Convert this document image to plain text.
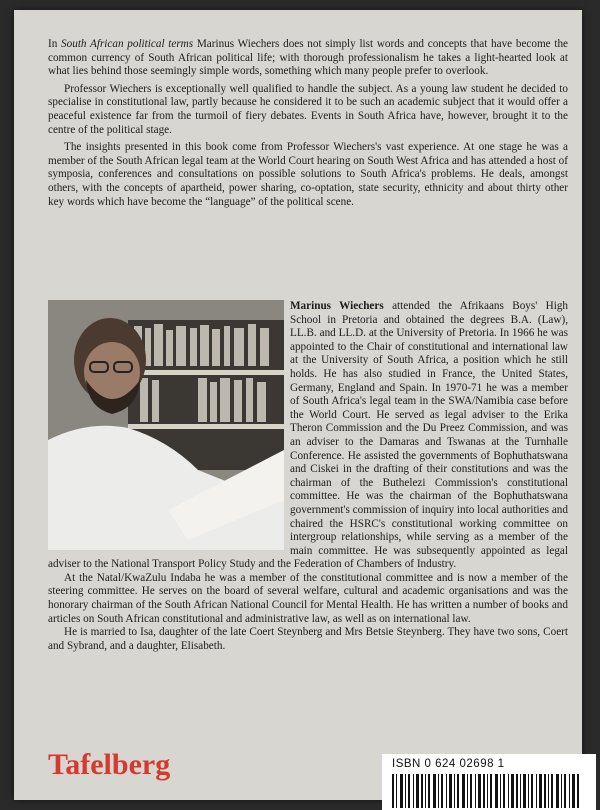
In South African political terms Marinus Wiechers does not simply list words and concepts that have become the common currency of South African political life; with thorough professionalism he takes a light-hearted look at what lies behind those seemingly simple words, something which many people prefer to overlook.

Professor Wiechers is exceptionally well qualified to handle the subject. As a young law student he decided to specialise in constitutional law, partly because he considered it to be such an academic subject that it would offer a peaceful existence far from the turmoil of fiery debates. Events in South Africa have, however, brought it to the centre of the political stage.

The insights presented in this book come from Professor Wiechers's vast experience. At one stage he was a member of the South African legal team at the World Court hearing on South West Africa and has attended a host of symposia, conferences and consultations on possible solutions to South Africa's problems. He deals, amongst others, with the concepts of apartheid, power sharing, co-optation, state security, ethnicity and about thirty other key words which have become the “language” of the political scene.

Marinus Wiechers attended the Afrikaans Boys' High School in Pretoria and obtained the degrees B.A. (Law), LL.B. and LL.D. at the University of Pretoria. In 1966 he was appointed to the Chair of constitutional and international law at the University of South Africa, a position which he still holds. He has also studied in France, the United States, Germany, England and Spain. In 1970-71 he was a member of South Africa's legal team in the SWA/Namibia case before the World Court. He served as legal adviser to the Erika Theron Commission and the Du Preez Commission, and was an adviser to the Damaras and Tswanas at the Turnhalle Conference. He assisted the governments of Bophuthatswana and Ciskei in the drafting of their constitutions and was the chairman of the Buthelezi Commission's constitutional committee. He was the chairman of the Bophuthatswana government's commission of inquiry into local authorities and chaired the HSRC's constitutional working committee on intergroup relationships, while serving as a member of the main committee. He was subsequently appointed as legal adviser to the National Transport Policy Study and the Federation of Chambers of Industry.

At the Natal/KwaZulu Indaba he was a member of the constitutional committee and is now a member of the steering committee. He serves on the board of several welfare, cultural and academic organisations and was the honorary chairman of the South African National Council for Mental Health. He has written a number of books and articles on South African constitutional and administrative law, as well as on international law.

He is married to Isa, daughter of the late Coert Steynberg and Mrs Betsie Steynberg. They have two sons, Coert and Sybrand, and a daughter, Elisabeth.

Tafelberg	ISBN 0 624 02698 1
